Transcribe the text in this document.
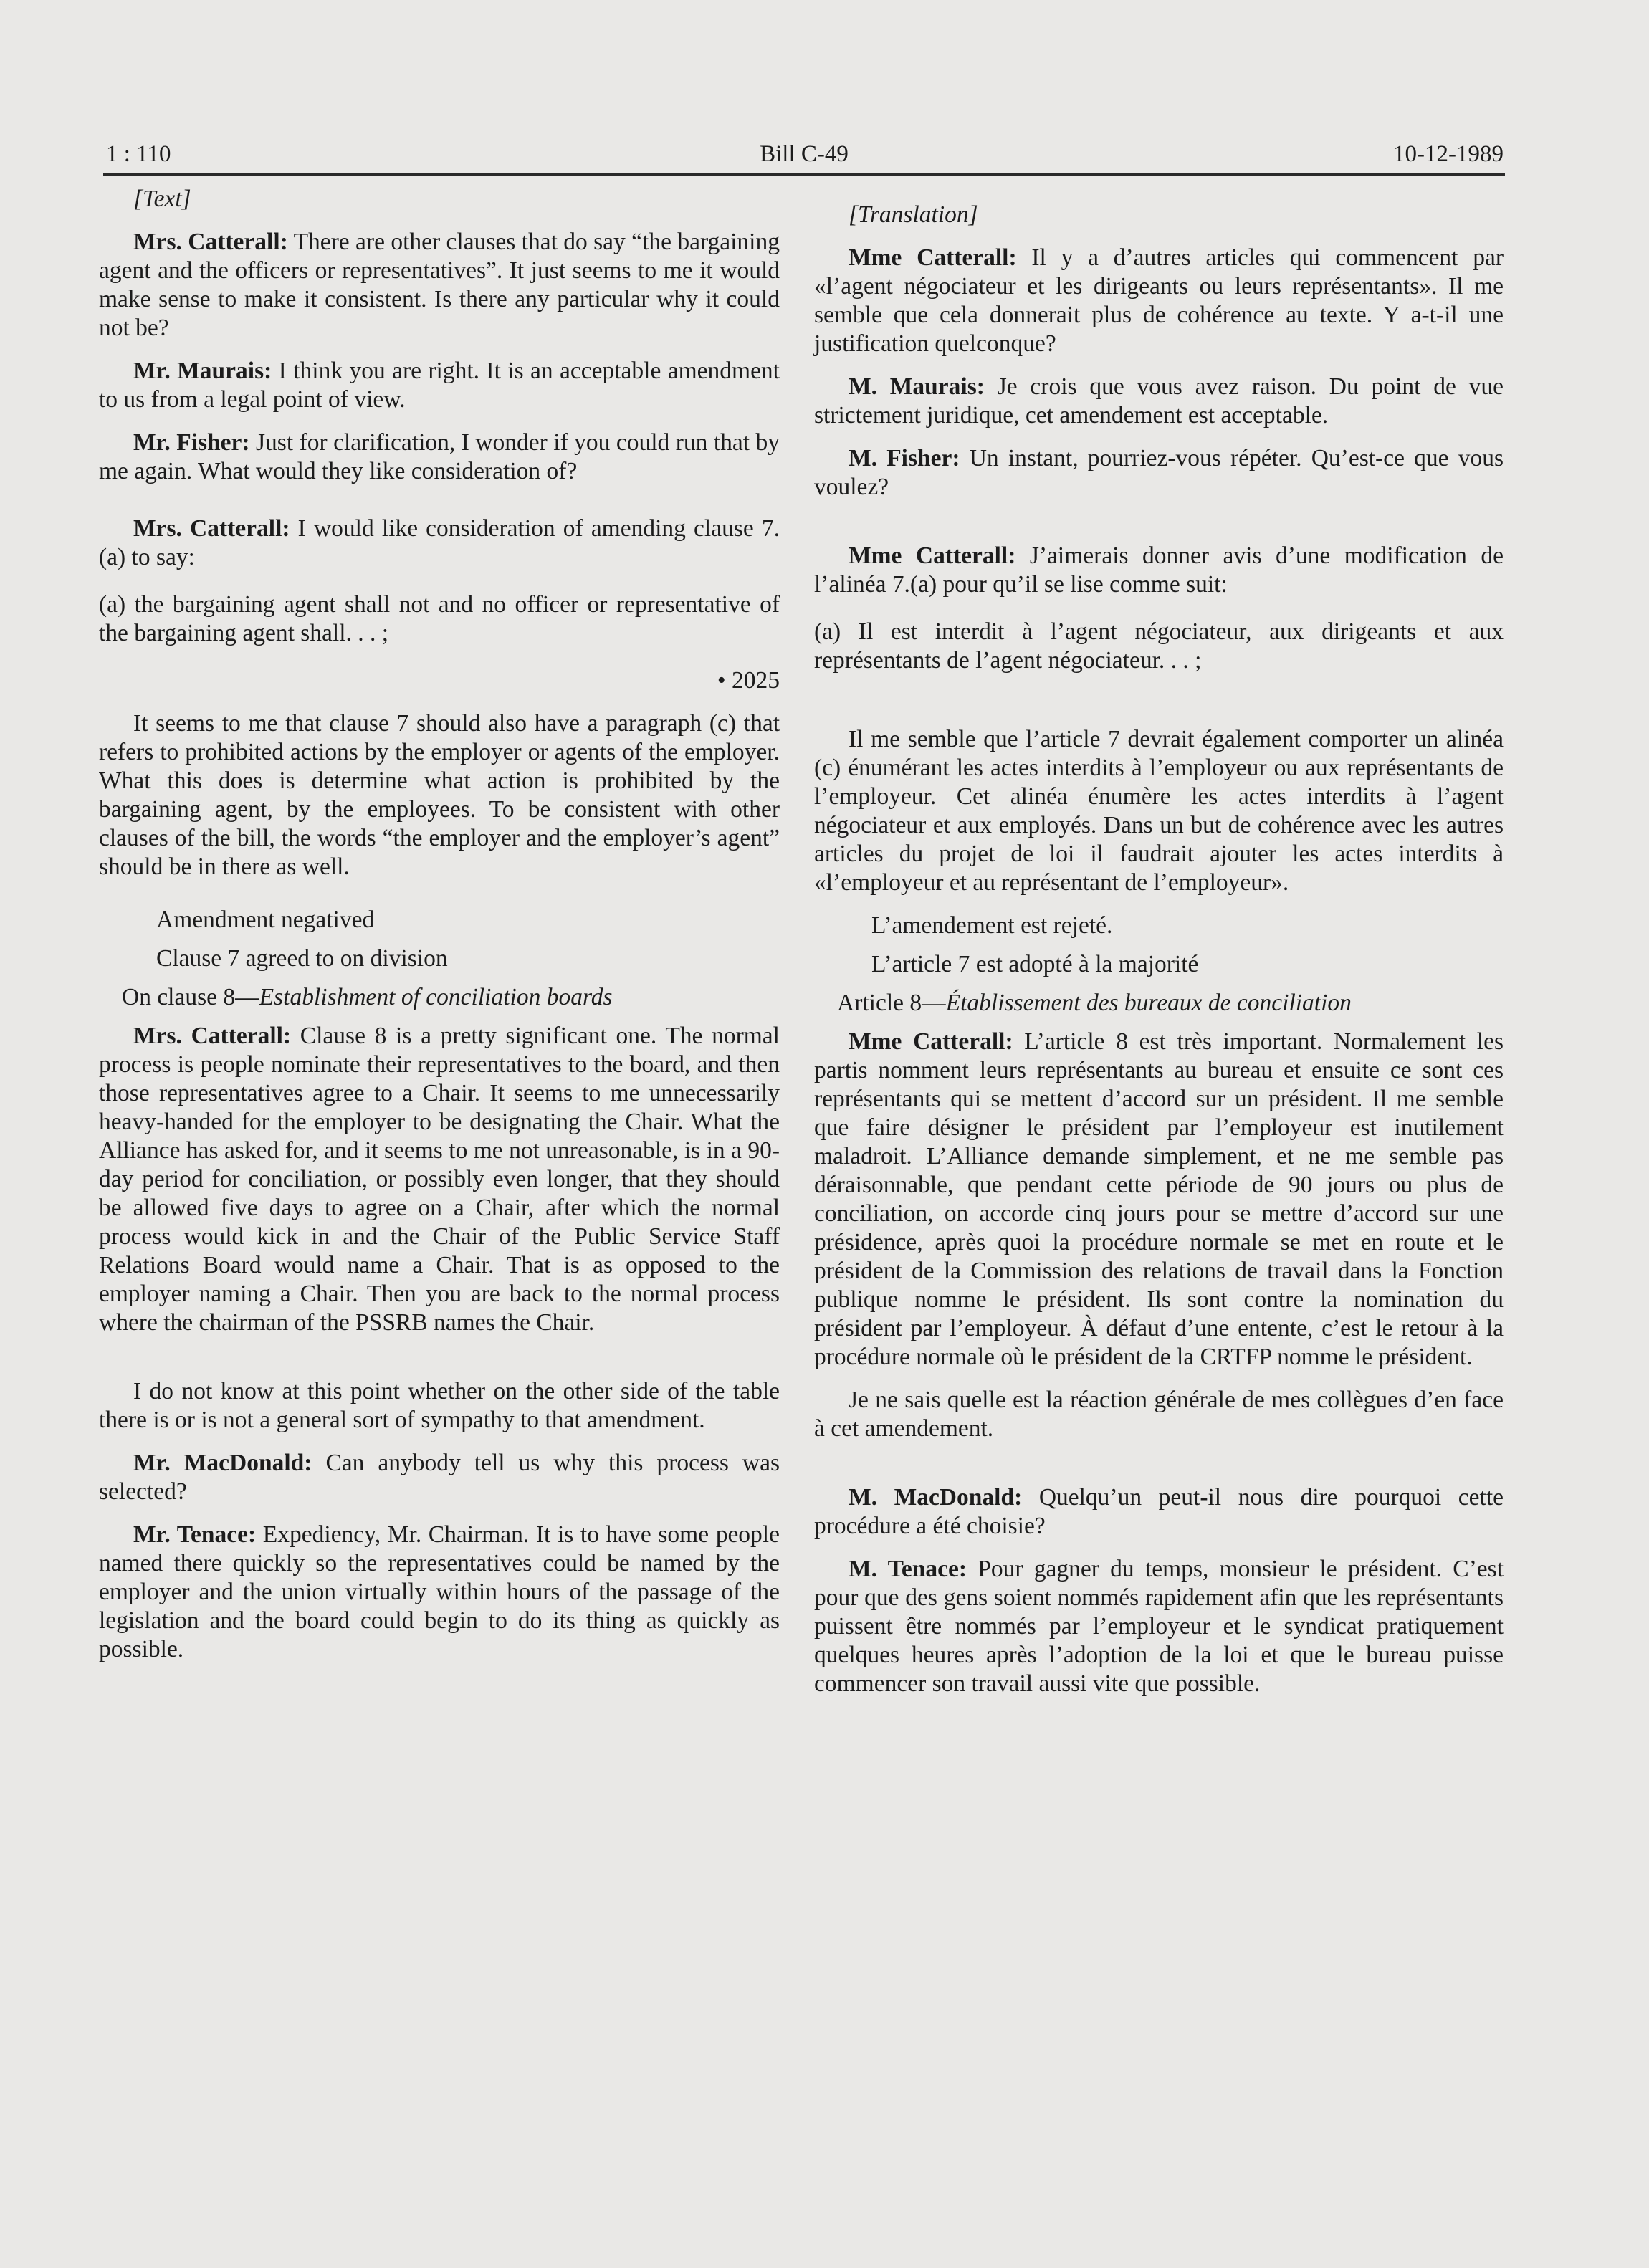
1 : 110	Bill C-49	10-12-1989

[Text]

Mrs. Catterall: There are other clauses that do say “the bargaining agent and the officers or representatives”. It just seems to me it would make sense to make it consistent. Is there any particular why it could not be?

Mr. Maurais: I think you are right. It is an acceptable amendment to us from a legal point of view.

Mr. Fisher: Just for clarification, I wonder if you could run that by me again. What would they like consideration of?

Mrs. Catterall: I would like consideration of amending clause 7.(a) to say:

(a) the bargaining agent shall not and no officer or representative of the bargaining agent shall. . . ;

• 2025

It seems to me that clause 7 should also have a paragraph (c) that refers to prohibited actions by the employer or agents of the employer. What this does is determine what action is prohibited by the bargaining agent, by the employees. To be consistent with other clauses of the bill, the words “the employer and the employer’s agent” should be in there as well.

Amendment negatived

Clause 7 agreed to on division

On clause 8—Establishment of conciliation boards

Mrs. Catterall: Clause 8 is a pretty significant one. The normal process is people nominate their representatives to the board, and then those representatives agree to a Chair. It seems to me unnecessarily heavy-handed for the employer to be designating the Chair. What the Alliance has asked for, and it seems to me not unreasonable, is in a 90-day period for conciliation, or possibly even longer, that they should be allowed five days to agree on a Chair, after which the normal process would kick in and the Chair of the Public Service Staff Relations Board would name a Chair. That is as opposed to the employer naming a Chair. Then you are back to the normal process where the chairman of the PSSRB names the Chair.

I do not know at this point whether on the other side of the table there is or is not a general sort of sympathy to that amendment.

Mr. MacDonald: Can anybody tell us why this process was selected?

Mr. Tenace: Expediency, Mr. Chairman. It is to have some people named there quickly so the representatives could be named by the employer and the union virtually within hours of the passage of the legislation and the board could begin to do its thing as quickly as possible.

[Translation]

Mme Catterall: Il y a d’autres articles qui commencent par «l’agent négociateur et les dirigeants ou leurs représentants». Il me semble que cela donnerait plus de cohérence au texte. Y a-t-il une justification quelconque?

M. Maurais: Je crois que vous avez raison. Du point de vue strictement juridique, cet amendement est acceptable.

M. Fisher: Un instant, pourriez-vous répéter. Qu’est-ce que vous voulez?

Mme Catterall: J’aimerais donner avis d’une modification de l’alinéa 7.(a) pour qu’il se lise comme suit:

(a) Il est interdit à l’agent négociateur, aux dirigeants et aux représentants de l’agent négociateur. . . ;

Il me semble que l’article 7 devrait également comporter un alinéa (c) énumérant les actes interdits à l’employeur ou aux représentants de l’employeur. Cet alinéa énumère les actes interdits à l’agent négociateur et aux employés. Dans un but de cohérence avec les autres articles du projet de loi il faudrait ajouter les actes interdits à «l’employeur et au représentant de l’employeur».

L’amendement est rejeté.

L’article 7 est adopté à la majorité

Article 8—Établissement des bureaux de conciliation

Mme Catterall: L’article 8 est très important. Normalement les partis nomment leurs représentants au bureau et ensuite ce sont ces représentants qui se mettent d’accord sur un président. Il me semble que faire désigner le président par l’employeur est inutilement maladroit. L’Alliance demande simplement, et ne me semble pas déraisonnable, que pendant cette période de 90 jours ou plus de conciliation, on accorde cinq jours pour se mettre d’accord sur une présidence, après quoi la procédure normale se met en route et le président de la Commission des relations de travail dans la Fonction publique nomme le président. Ils sont contre la nomination du président par l’employeur. À défaut d’une entente, c’est le retour à la procédure normale où le président de la CRTFP nomme le président.

Je ne sais quelle est la réaction générale de mes collègues d’en face à cet amendement.

M. MacDonald: Quelqu’un peut-il nous dire pourquoi cette procédure a été choisie?

M. Tenace: Pour gagner du temps, monsieur le président. C’est pour que des gens soient nommés rapidement afin que les représentants puissent être nommés par l’employeur et le syndicat pratiquement quelques heures après l’adoption de la loi et que le bureau puisse commencer son travail aussi vite que possible.
